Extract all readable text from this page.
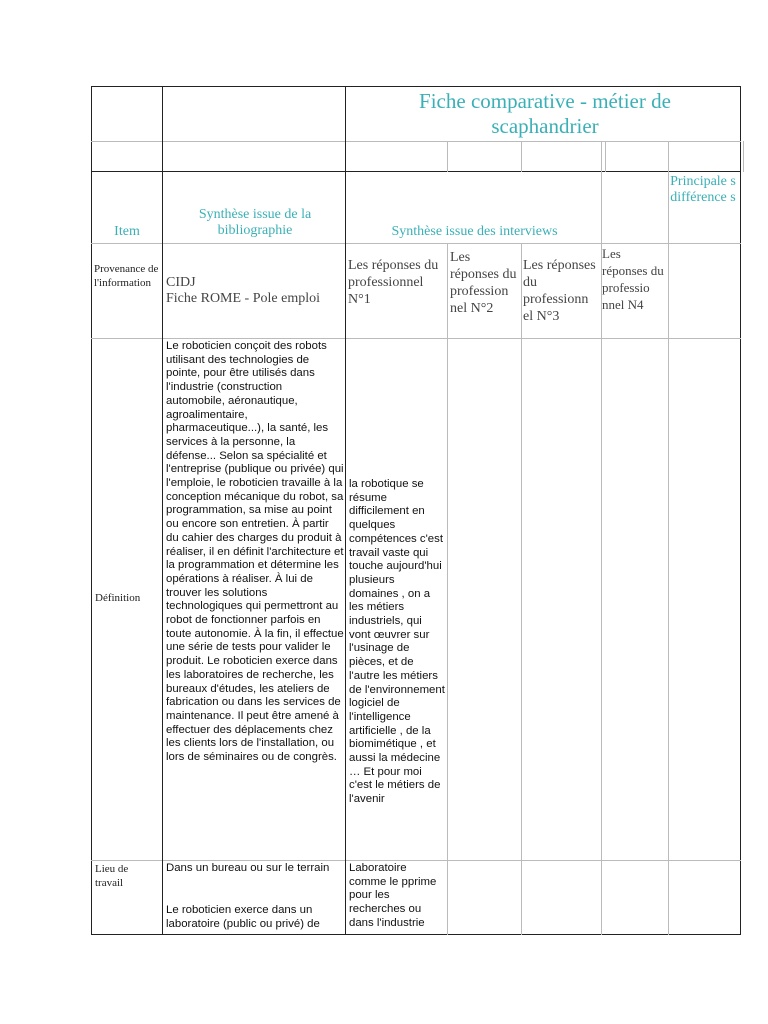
Fiche comparative - métier de scaphandrier
Item
Synthèse issue de la bibliographie	Synthèse issue des interviews
Principale s différence s
Provenance de l'information	CIDJ
Fiche ROME - Pole emploi
Les réponses du professionnel N°1
Les réponses du profession nel N°2
Les réponses du professionn el N°3
Les réponses du professio nnel N4
Définition
Le roboticien conçoit des robots utilisant des technologies de pointe, pour être utilisés dans l'industrie (construction automobile, aéronautique, agroalimentaire, pharmaceutique...), la santé, les services à la personne, la défense... Selon sa spécialité et l'entreprise (publique ou privée) qui l'emploie, le roboticien travaille à la conception mécanique du robot, sa programmation, sa mise au point ou encore son entretien. À partir du cahier des charges du produit à réaliser, il en définit l'architecture et la programmation et détermine les opérations à réaliser. À lui de trouver les solutions technologiques qui permettront au robot de fonctionner parfois en toute autonomie. À la fin, il effectue une série de tests pour valider le produit. Le roboticien exerce dans les laboratoires de recherche, les bureaux d'études, les ateliers de fabrication ou dans les services de maintenance. Il peut être amené à effectuer des déplacements chez les clients lors de l'installation, ou lors de séminaires ou de congrès.
la robotique se résume difficilement en quelques compétences c'est travail vaste qui touche aujourd'hui plusieurs domaines , on a les métiers industriels, qui vont œuvrer sur l'usinage de pièces, et de l'autre les métiers de l'environnement logiciel de l'intelligence artificielle , de la biomimétique , et aussi la médecine … Et pour moi c'est le métiers de l'avenir
Lieu de travail
Dans un bureau ou sur le terrain
Le roboticien exerce dans un laboratoire (public ou privé) de
Laboratoire comme le pprime pour les recherches ou dans l'industrie
